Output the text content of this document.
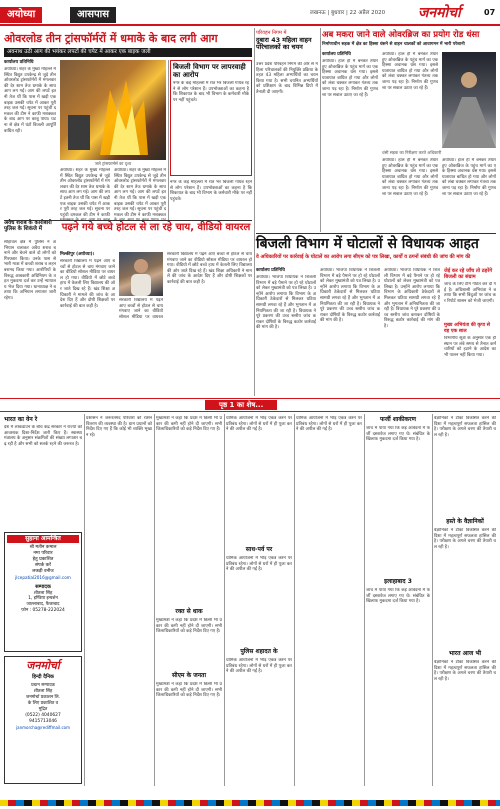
अयोध्या	आसपास	लखनऊ | बुधवार | 22 अप्रैल 2020 जनमोर्चा	07
ओवरलोड तीन ट्रांसफॉर्मरों में धमाके के बाद लगी आग
अवनाथ उठी आग की भयंकर लपटों की चपेट में आकर एक बाइक जली
कार्यालय प्रतिनिधि
अयोध्या। शहर के मुख्य मोहल्ले में स्थित विद्युत उपकेन्द्र से जुड़े तीन ओवरलोड ट्रांसफॉर्मरों में मंगलवार की देर शाम तेज धमाके के साथ आग लग गई। आग की लपटें इतनी तेज थीं कि पास में खड़ी एक बाइक उसकी चपेट में आकर पूरी तरह जल गई। सूचना पर पहुंची दमकल की टीम ने काफी मशक्कत के बाद आग पर काबू पाया। घटना से क्षेत्र में घंटों बिजली आपूर्ति बाधित रही।
जले ट्रांसफार्मर्स का दृश्य
अयोध्या। शहर के मुख्य मोहल्ले में स्थित विद्युत उपकेन्द्र से जुड़े तीन ओवरलोड ट्रांसफॉर्मरों में मंगलवार की देर शाम तेज धमाके के साथ आग लग गई। आग की लपटें इतनी तेज थीं कि पास में खड़ी एक बाइक उसकी चपेट में आकर पूरी तरह जल गई। सूचना पर पहुंची दमकल की टीम ने काफी
अयोध्या। शहर के मुख्य मोहल्ले में स्थित विद्युत उपकेन्द्र से जुड़े तीन ओवरलोड ट्रांसफॉर्मरों में मंगलवार की देर शाम तेज धमाके के साथ आग लग गई। आग की लपटें इतनी तेज थीं कि पास में खड़ी एक बाइक उसकी चपेट में आकर पूरी तरह जल गई। सूचना पर पहुंची दमकल की टीम ने काफी मशक्कत
बिजली विभाग पर लापरवाही का आरोप
नगर के कई मोहल्लों में रात भर बिजली गायब रहने से लोग परेशान हैं। उपभोक्ताओं का कहना है कि शिकायत के बाद भी विभाग के कर्मचारी मौके पर नहीं पहुंचते।
नगर के कई मोहल्लों में रात भर बिजली गायब रहने से लोग परेशान हैं। उपभोक्ताओं का कहना है कि शिकायत के बाद भी विभाग के कर्मचारी मौके पर नहीं पहुंचते।
अवैध शराब के कारोबारी पुलिस के शिकंजे में
सोहावल क्षेत्र में पुलिस ने अभियान चलाकर अवैध शराब बनाने और बेचने वाले दो लोगों को गिरफ्तार किया। उनके पास से भारी मात्रा में कच्ची शराब व लहन बरामद किया गया। आरोपियों के विरुद्ध आबकारी अधिनियम के तहत मुकदमा दर्ज कर उन्हें न्यायालय भेज दिया गया। थानाध्यक्ष ने बताया कि अभियान लगातार जारी रहेगा।
पढ़ने गये बच्चे होटल से ला रहे चाय, वीडियो वायरल
मिल्कीपुर (अयोध्या)।
सरकारी विद्यालय में पढ़ने आए बच्चों से होटल से चाय मंगवाए जाने का वीडियो सोशल मीडिया पर वायरल हो गया। वीडियो में छोटे बच्चे हाथ में केतली लिए विद्यालय की ओर जाते दिख रहे हैं। खंड शिक्षा अधिकारी ने मामले की जांच के आदेश दिए हैं और दोषी शिक्षकों पर कार्रवाई की बात कही है।
सरकारी विद्यालय में पढ़ने आए बच्चों से होटल से चाय मंगवाए जाने का वीडियो सोशल मीडिया पर वायरल
सरकारी विद्यालय में पढ़ने आए बच्चों से होटल से चाय मंगवाए जाने का वीडियो सोशल मीडिया पर वायरल हो गया। वीडियो में छोटे बच्चे हाथ में केतली लिए विद्यालय की ओर जाते दिख रहे हैं। खंड शिक्षा अधिकारी ने मामले की जांच के आदेश दिए हैं और दोषी शिक्षकों पर कार्रवाई की बात कही है।
परिवहन निगम में
दुबारा 43 महिला वाहन परिचालकों का चयन
उत्तर प्रदेश परिवहन निगम की ओर से महिला परिचालकों की नियुक्ति प्रक्रिया के तहत 43 महिला अभ्यर्थियों का चयन किया गया है। सभी चयनित अभ्यर्थियों को प्रशिक्षण के बाद विभिन्न डिपो में तैनाती दी जाएगी।
अब मकरा जाने वाले ओवरब्रिज का प्रयोग रोड धंसा
निर्माणाधीन सड़क में क्षेत्र का हिस्सा धंसने से वाहन चालकों को आवागमन में भारी परेशानी
कार्यालय प्रतिनिधि
अयोध्या। हाल ही में बनकर तैयार हुए ओवरब्रिज के पहुंच मार्ग का एक हिस्सा अचानक धंस गया। इससे यातायात बाधित हो गया और लोगों को लंबा चक्कर लगाकर गंतव्य तक जाना पड़ रहा है। निर्माण की गुणवत्ता पर सवाल उठाए जा रहे हैं।
अयोध्या। हाल ही में बनकर तैयार हुए ओवरब्रिज के पहुंच मार्ग का एक हिस्सा अचानक धंस गया। इससे यातायात बाधित हो गया और लोगों को लंबा चक्कर लगाकर गंतव्य तक जाना पड़ रहा है। निर्माण की गुणवत्ता पर सवाल उठाए जा रहे हैं।
धंसी सड़क का निरीक्षण करते अधिकारी
अयोध्या। हाल ही में बनकर तैयार हुए ओवरब्रिज के पहुंच मार्ग का एक हिस्सा अचानक धंस गया। इससे यातायात बाधित हो गया और लोगों को लंबा चक्कर लगाकर गंतव्य तक जाना पड़ रहा है। निर्माण की गुणवत्ता पर सवाल उठाए जा रहे हैं।
अयोध्या। हाल ही में बनकर तैयार हुए ओवरब्रिज के पहुंच मार्ग का एक हिस्सा अचानक धंस गया। इससे यातायात बाधित हो गया और लोगों को लंबा चक्कर लगाकर गंतव्य तक जाना पड़ रहा है। निर्माण की गुणवत्ता पर सवाल उठाए जा रहे हैं।
बिजली विभाग में घोटालों से विधायक आहत
वे अधिकारियों पर कार्रवाई के घोटालें का आरोप लगा सीएम को पत्र लिखा, कार्यों व ठगनों संबंधी की जांच की मांग की
कार्यालय प्रतिनिधि
अयोध्या। भाजपा विधायक ने बिजली विभाग में बड़े पैमाने पर हो रहे घोटालों को लेकर मुख्यमंत्री को पत्र लिखा है। उन्होंने आरोप लगाया कि विभाग के अधिकारी ठेकेदारों से मिलकर घटिया सामग्री लगवा रहे हैं और भुगतान में अनियमितता की जा रही है। विधायक ने पूरे प्रकरण की उच्च स्तरीय जांच कराकर दोषियों के विरुद्ध कठोर कार्रवाई की मांग की है।
अयोध्या। भाजपा विधायक ने बिजली विभाग में बड़े पैमाने पर हो रहे घोटालों को लेकर मुख्यमंत्री को पत्र लिखा है। उन्होंने आरोप लगाया कि विभाग के अधिकारी ठेकेदारों से मिलकर घटिया सामग्री लगवा रहे हैं और भुगतान में अनियमितता की जा रही है। विधायक ने पूरे प्रकरण की उच्च स्तरीय जांच कराकर दोषियों के विरुद्ध कठोर कार्रवाई की मांग की है।
अयोध्या। भाजपा विधायक ने बिजली विभाग में बड़े पैमाने पर हो रहे घोटालों को लेकर मुख्यमंत्री को पत्र लिखा है। उन्होंने आरोप लगाया कि विभाग के अधिकारी ठेकेदारों से मिलकर घटिया सामग्री लगवा रहे हैं और भुगतान में अनियमितता की जा रही है। विधायक ने पूरे प्रकरण की उच्च स्तरीय जांच कराकर दोषियों के विरुद्ध कठोर कार्रवाई की मांग की है।
जेई कर रहे जाँच तो ठहरेंगे बिजली का संग्राम
जांच के लिए टीम गठित कर दी गई है। अधिशासी अभियंता ने बताया कि सभी बिंदुओं पर जांच कर रिपोर्ट शासन को भेजी जाएगी।
मुख्य अभियंता की कृपा से वह एक साल
विभागीय सूत्रों के अनुसार एक ही स्थान पर लंबे समय से तैनात कर्मचारियों को हटाने के आदेश का भी पालन नहीं किया गया।
पृष्ठ 1 का शेष...
भारत का वेन रे
देश में लॉकडाउन के बीच केंद्र सरकार ने राज्यों को आवश्यक दिशा-निर्देश जारी किए हैं। स्वास्थ्य मंत्रालय के अनुसार संक्रमितों की संख्या लगातार बढ़ रही है और सभी को सतर्क रहने की जरूरत है।
सुहाना आमन्त्रित
श्री मतीन कमाल
नमा परिवार
हेतु प्रकाशित
संपर्क करें
लकड़ी वनीज
jlcepatial2016@gmail.com
सम्पादक
शीतला सिंह
1, इण्डिया इन्वर्शन
जाल्लाबाद, फैजाबाद
फ़ोन : 05278-222024
जनमोर्चा
हिन्दी दैनिक
प्रधान सम्पादक
शीतला सिंह
जनमोर्चा प्रकाशन लि.
के लिए प्रकाशित व
मुद्रित
(0522) 4040627
9415713046
janmorcha@rediffmail.com
प्रशासन ने जरूरतमंद परिवारों को राशन वितरण की व्यवस्था की है। ग्राम प्रधानों को निर्देश दिए गए हैं कि कोई भी व्यक्ति भूखा न रहे।
मुख्यमंत्री ने कहा कि प्रदेश में किसी भी प्रकार की कमी नहीं होने दी जाएगी। सभी जिलाधिकारियों को कड़े निर्देश दिए गए हैं।
रक्त से धाक
मुख्यमंत्री ने कहा कि प्रदेश में किसी भी प्रकार की कमी नहीं होने दी जाएगी। सभी जिलाधिकारियों को कड़े निर्देश दिए गए हैं।
सीएम के जनता
मुख्यमंत्री ने कहा कि प्रदेश में किसी भी प्रकार की कमी नहीं होने दी जाएगी। सभी जिलाधिकारियों को कड़े निर्देश दिए गए हैं।
धार्मिक आयोजनों में भीड़ एकत्र करने पर प्रतिबंध रहेगा। लोगों से घरों में ही पूजा करने की अपील की गई है।
साध-पर्व पर
धार्मिक आयोजनों में भीड़ एकत्र करने पर प्रतिबंध रहेगा। लोगों से घरों में ही पूजा करने की अपील की गई है।
पुलिस शहादत के
धार्मिक आयोजनों में भीड़ एकत्र करने पर प्रतिबंध रहेगा। लोगों से घरों में ही पूजा करने की अपील की गई है।
धार्मिक आयोजनों में भीड़ एकत्र करने पर प्रतिबंध रहेगा। लोगों से घरों में ही पूजा करने की अपील की गई है।
फर्जी शाकीकरण
जांच में पाया गया कि कई आवेदनों में फर्जी दस्तावेज लगाए गए थे। संबंधित के खिलाफ मुकदमा दर्ज किया गया है।
इलाहाबाद 3
जांच में पाया गया कि कई आवेदनों में फर्जी दस्तावेज लगाए गए थे। संबंधित के खिलाफ मुकदमा दर्ज किया गया है।
वैज्ञानिकों ने टीका विकसित करने की दिशा में महत्वपूर्ण सफलता हासिल की है। परीक्षण के अगले चरण की तैयारी चल रही है।
हस्ते के वैज्ञानिकों
वैज्ञानिकों ने टीका विकसित करने की दिशा में महत्वपूर्ण सफलता हासिल की है। परीक्षण के अगले चरण की तैयारी चल रही है।
भारत आज भी
वैज्ञानिकों ने टीका विकसित करने की दिशा में महत्वपूर्ण सफलता हासिल की है। परीक्षण के अगले चरण की तैयारी चल रही है।
